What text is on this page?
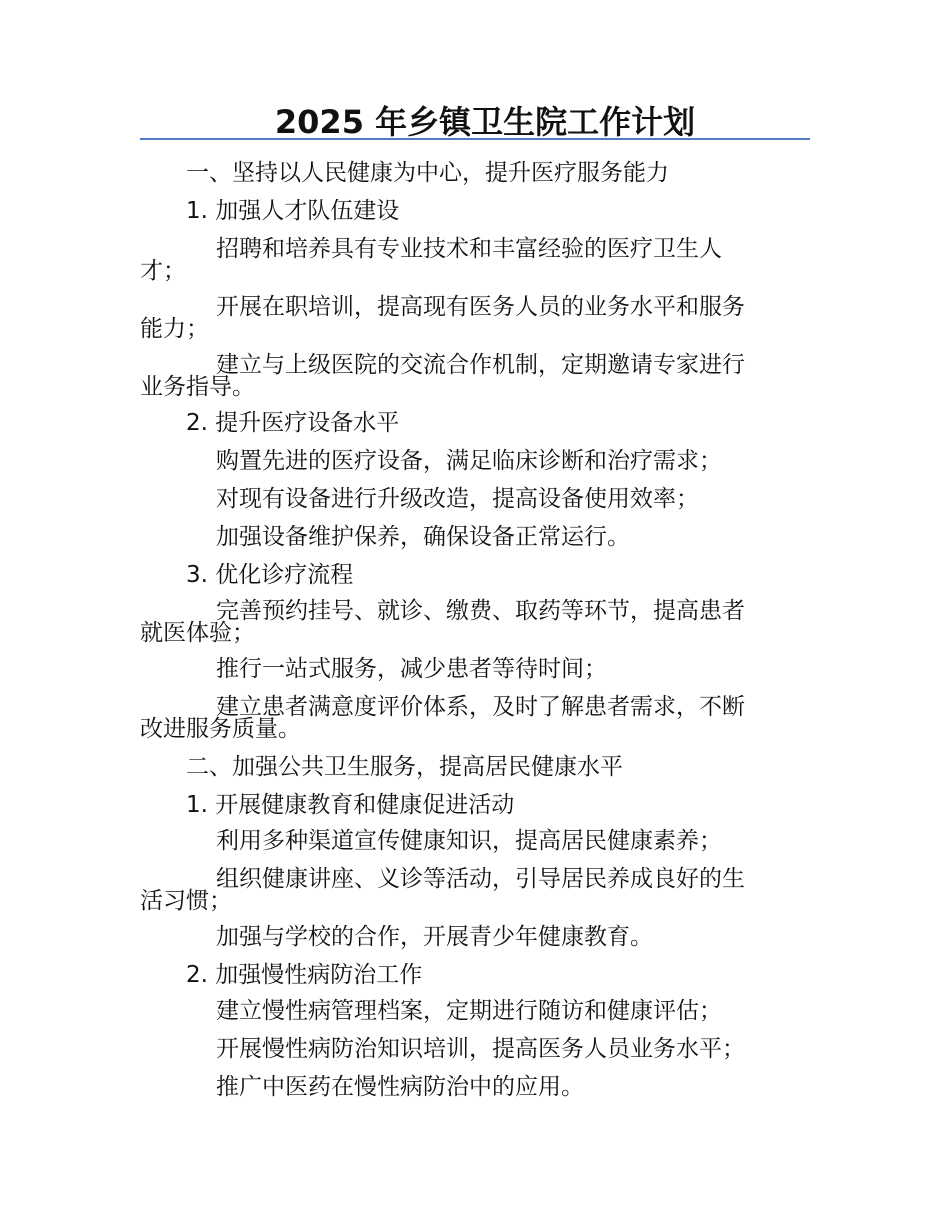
2025 年乡镇卫生院工作计划
一、坚持以人民健康为中心，提升医疗服务能力
1. 加强人才队伍建设
招聘和培养具有专业技术和丰富经验的医疗卫生人
才；
开展在职培训，提高现有医务人员的业务水平和服务
能力；
建立与上级医院的交流合作机制，定期邀请专家进行
业务指导。
2. 提升医疗设备水平
购置先进的医疗设备，满足临床诊断和治疗需求；
对现有设备进行升级改造，提高设备使用效率；
加强设备维护保养，确保设备正常运行。
3. 优化诊疗流程
完善预约挂号、就诊、缴费、取药等环节，提高患者
就医体验；
推行一站式服务，减少患者等待时间；
建立患者满意度评价体系，及时了解患者需求，不断
改进服务质量。
二、加强公共卫生服务，提高居民健康水平
1. 开展健康教育和健康促进活动
利用多种渠道宣传健康知识，提高居民健康素养；
组织健康讲座、义诊等活动，引导居民养成良好的生
活习惯；
加强与学校的合作，开展青少年健康教育。
2. 加强慢性病防治工作
建立慢性病管理档案，定期进行随访和健康评估；
开展慢性病防治知识培训，提高医务人员业务水平；
推广中医药在慢性病防治中的应用。
